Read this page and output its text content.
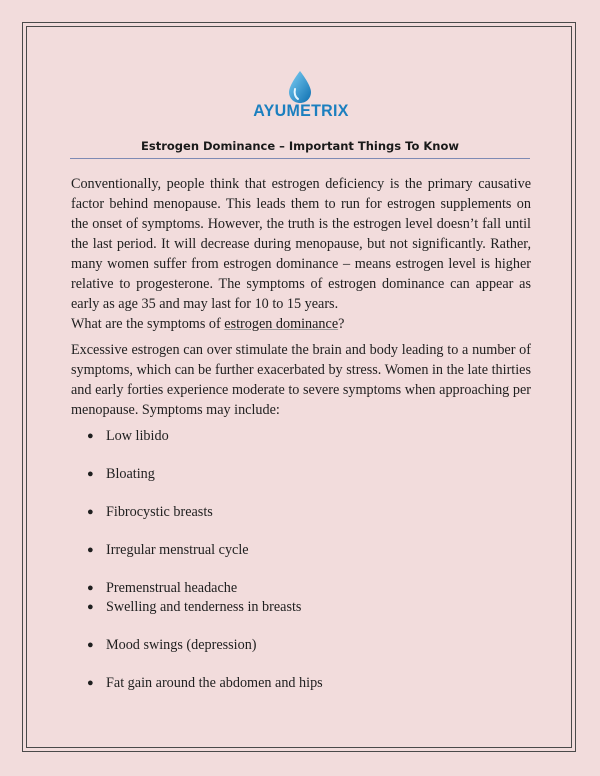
AYUMETRIX
Estrogen Dominance – Important Things To Know

Conventionally, people think that estrogen deficiency is the primary causative factor behind menopause. This leads them to run for estrogen supplements on the onset of symptoms. However, the truth is the estrogen level doesn’t fall until the last period. It will decrease during menopause, but not significantly. Rather, many women suffer from estrogen dominance – means estrogen level is higher relative to progesterone. The symptoms of estrogen dominance can appear as early as age 35 and may last for 10 to 15 years.

What are the symptoms of estrogen dominance?

Excessive estrogen can over stimulate the brain and body leading to a number of symptoms, which can be further exacerbated by stress. Women in the late thirties and early forties experience moderate to severe symptoms when approaching per menopause. Symptoms may include:

● Low libido
● Bloating
● Fibrocystic breasts
● Irregular menstrual cycle
● Premenstrual headache
● Swelling and tenderness in breasts
● Mood swings (depression)
● Fat gain around the abdomen and hips
